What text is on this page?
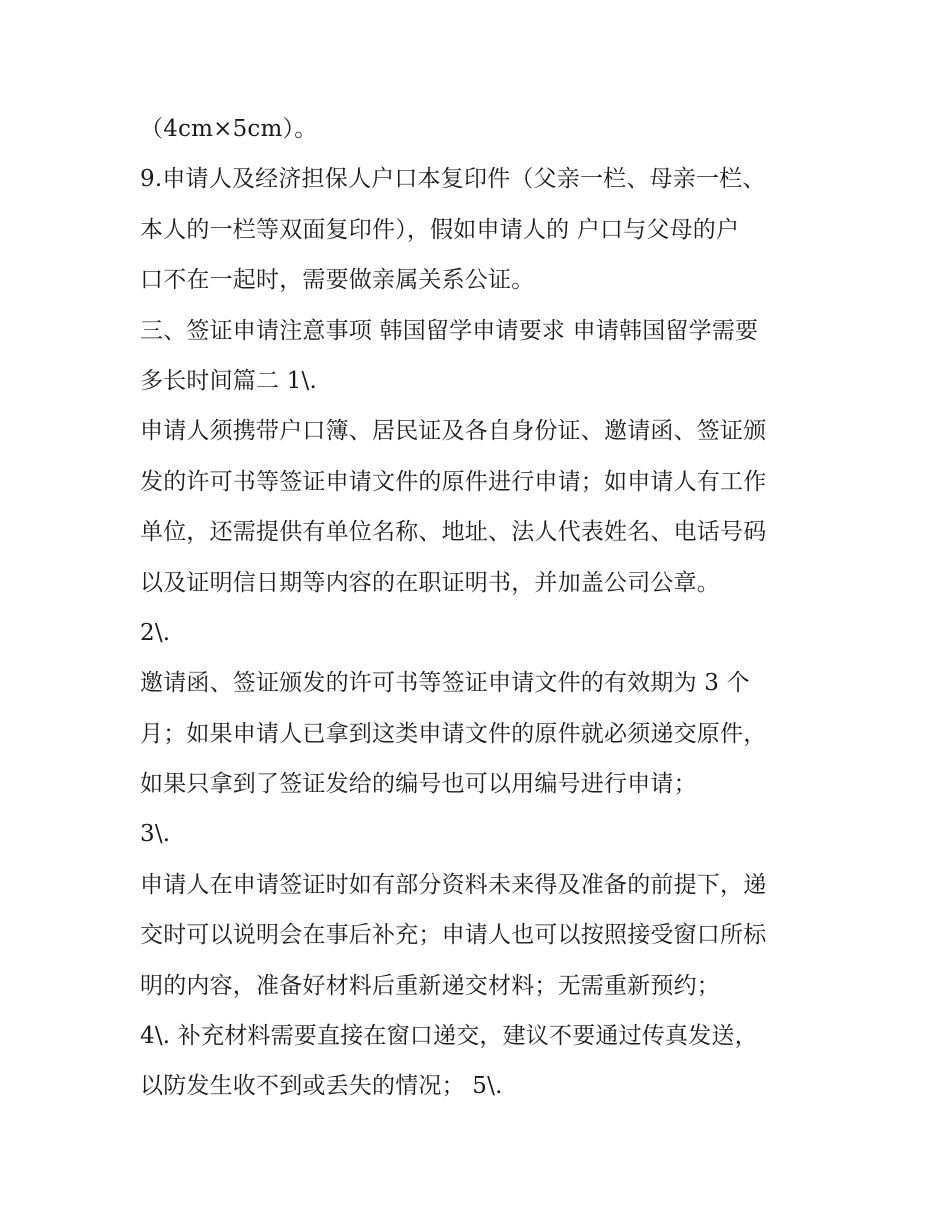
（4cm×5cm）。
9.申请人及经济担保人户口本复印件（父亲一栏、母亲一栏、
本人的一栏等双面复印件），假如申请人的 户口与父母的户
口不在一起时，需要做亲属关系公证。
三、签证申请注意事项 韩国留学申请要求 申请韩国留学需要
多长时间篇二 1\.
申请人须携带户口簿、居民证及各自身份证、邀请函、签证颁
发的许可书等签证申请文件的原件进行申请；如申请人有工作
单位，还需提供有单位名称、地址、法人代表姓名、电话号码
以及证明信日期等内容的在职证明书，并加盖公司公章。
2\.
邀请函、签证颁发的许可书等签证申请文件的有效期为 3 个
月；如果申请人已拿到这类申请文件的原件就必须递交原件，
如果只拿到了签证发给的编号也可以用编号进行申请；
3\.
申请人在申请签证时如有部分资料未来得及准备的前提下，递
交时可以说明会在事后补充；申请人也可以按照接受窗口所标
明的内容，准备好材料后重新递交材料；无需重新预约；
4\. 补充材料需要直接在窗口递交，建议不要通过传真发送，
以防发生收不到或丢失的情况； 5\.
